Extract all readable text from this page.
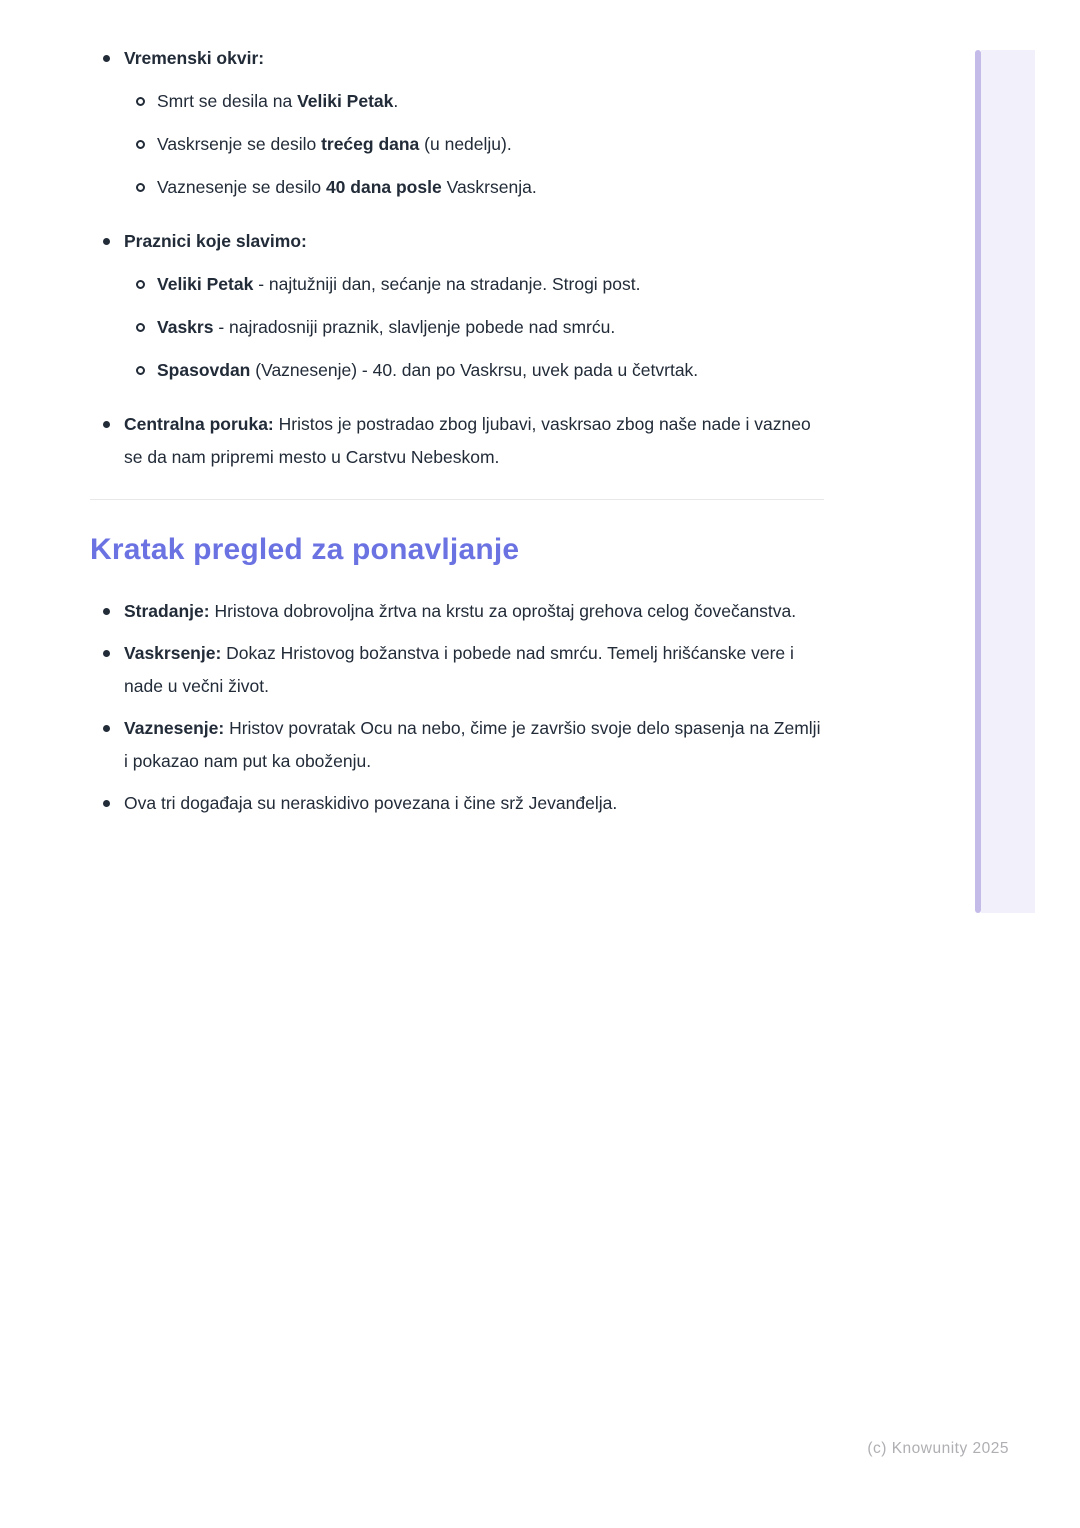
Vremenski okvir:
Smrt se desila na Veliki Petak.
Vaskrsenje se desilo trećeg dana (u nedelju).
Vaznesenje se desilo 40 dana posle Vaskrsenja.
Praznici koje slavimo:
Veliki Petak - najtužniji dan, sećanje na stradanje. Strogi post.
Vaskrs - najradosniji praznik, slavljenje pobede nad smrću.
Spasovdan (Vaznesenje) - 40. dan po Vaskrsu, uvek pada u četvrtak.
Centralna poruka: Hristos je postradao zbog ljubavi, vaskrsao zbog naše nade i vazneo se da nam pripremi mesto u Carstvu Nebeskom.
Kratak pregled za ponavljanje
Stradanje: Hristova dobrovoljna žrtva na krstu za oproštaj grehova celog čovečanstva.
Vaskrsenje: Dokaz Hristovog božanstva i pobede nad smrću. Temelj hrišćanske vere i nade u večni život.
Vaznesenje: Hristov povratak Ocu na nebo, čime je završio svoje delo spasenja na Zemlji i pokazao nam put ka oboženju.
Ova tri događaja su neraskidivo povezana i čine srž Jevanđelja.
(c) Knowunity 2025
